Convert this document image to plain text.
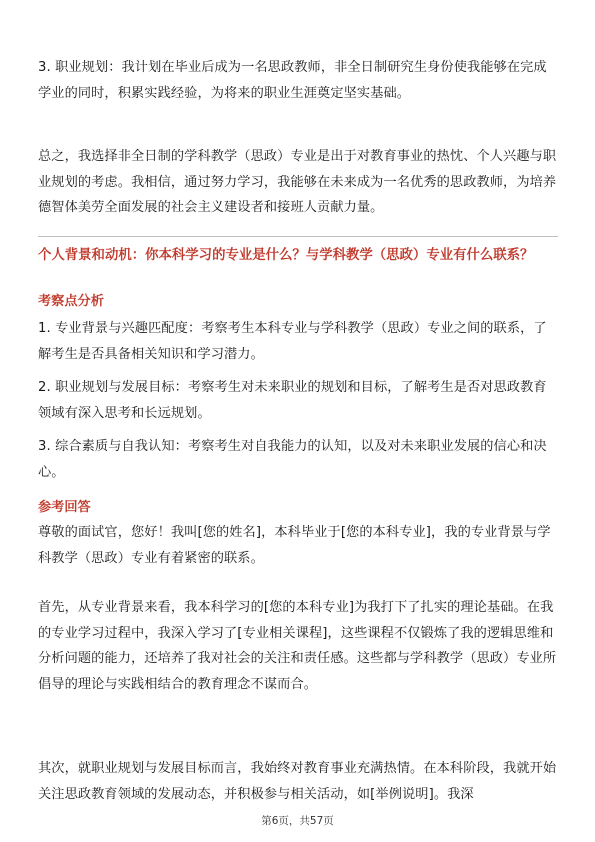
3. 职业规划：我计划在毕业后成为一名思政教师，非全日制研究生身份使我能够在完成学业的同时，积累实践经验，为将来的职业生涯奠定坚实基础。

总之，我选择非全日制的学科教学（思政）专业是出于对教育事业的热忱、个人兴趣与职业规划的考虑。我相信，通过努力学习，我能够在未来成为一名优秀的思政教师，为培养德智体美劳全面发展的社会主义建设者和接班人贡献力量。

个人背景和动机：你本科学习的专业是什么？与学科教学（思政）专业有什么联系？

考察点分析

1. 专业背景与兴趣匹配度：考察考生本科专业与学科教学（思政）专业之间的联系，了解考生是否具备相关知识和学习潜力。

2. 职业规划与发展目标：考察考生对未来职业的规划和目标，了解考生是否对思政教育领域有深入思考和长远规划。

3. 综合素质与自我认知：考察考生对自我能力的认知，以及对未来职业发展的信心和决心。

参考回答

尊敬的面试官，您好！我叫[您的姓名]，本科毕业于[您的本科专业]，我的专业背景与学科教学（思政）专业有着紧密的联系。

首先，从专业背景来看，我本科学习的[您的本科专业]为我打下了扎实的理论基础。在我的专业学习过程中，我深入学习了[专业相关课程]，这些课程不仅锻炼了我的逻辑思维和分析问题的能力，还培养了我对社会的关注和责任感。这些都与学科教学（思政）专业所倡导的理论与实践相结合的教育理念不谋而合。

其次，就职业规划与发展目标而言，我始终对教育事业充满热情。在本科阶段，我就开始关注思政教育领域的发展动态，并积极参与相关活动，如[举例说明]。我深

第6页，共57页
